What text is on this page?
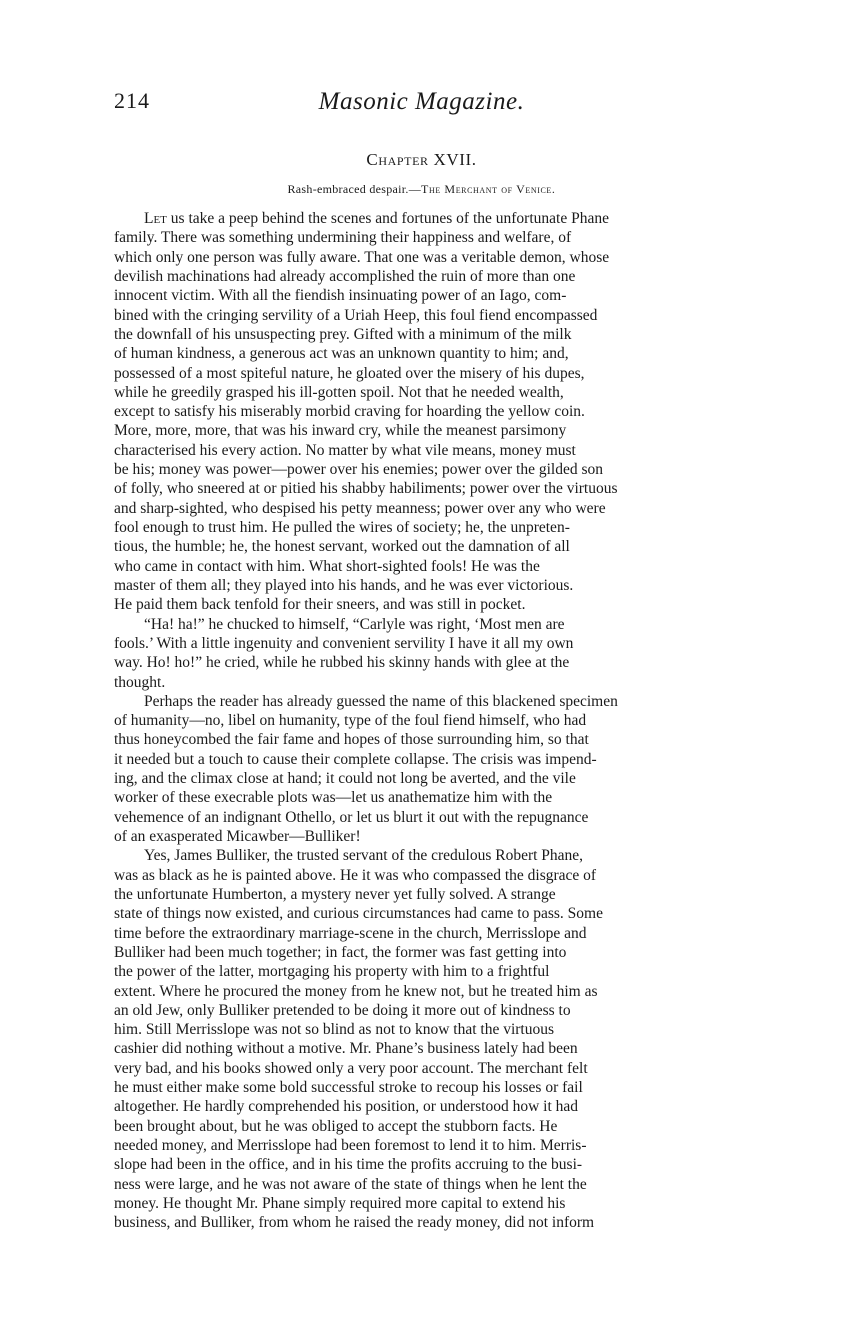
214	Masonic Magazine.
Chapter XVII.
Rash-embraced despair.—The Merchant of Venice.
Let us take a peep behind the scenes and fortunes of the unfortunate Phane
family. There was something undermining their happiness and welfare, of
which only one person was fully aware. That one was a veritable demon, whose
devilish machinations had already accomplished the ruin of more than one
innocent victim. With all the fiendish insinuating power of an Iago, com-
bined with the cringing servility of a Uriah Heep, this foul fiend encompassed
the downfall of his unsuspecting prey. Gifted with a minimum of the milk
of human kindness, a generous act was an unknown quantity to him; and,
possessed of a most spiteful nature, he gloated over the misery of his dupes,
while he greedily grasped his ill-gotten spoil. Not that he needed wealth,
except to satisfy his miserably morbid craving for hoarding the yellow coin.
More, more, more, that was his inward cry, while the meanest parsimony
characterised his every action. No matter by what vile means, money must
be his; money was power—power over his enemies; power over the gilded son
of folly, who sneered at or pitied his shabby habiliments; power over the virtuous
and sharp-sighted, who despised his petty meanness; power over any who were
fool enough to trust him. He pulled the wires of society; he, the unpreten-
tious, the humble; he, the honest servant, worked out the damnation of all
who came in contact with him. What short-sighted fools! He was the
master of them all; they played into his hands, and he was ever victorious.
He paid them back tenfold for their sneers, and was still in pocket.
“Ha! ha!” he chucked to himself, “Carlyle was right, ‘Most men are
fools.’ With a little ingenuity and convenient servility I have it all my own
way. Ho! ho!” he cried, while he rubbed his skinny hands with glee at the
thought.
Perhaps the reader has already guessed the name of this blackened specimen
of humanity—no, libel on humanity, type of the foul fiend himself, who had
thus honeycombed the fair fame and hopes of those surrounding him, so that
it needed but a touch to cause their complete collapse. The crisis was impend-
ing, and the climax close at hand; it could not long be averted, and the vile
worker of these execrable plots was—let us anathematize him with the
vehemence of an indignant Othello, or let us blurt it out with the repugnance
of an exasperated Micawber—Bulliker!
Yes, James Bulliker, the trusted servant of the credulous Robert Phane,
was as black as he is painted above. He it was who compassed the disgrace of
the unfortunate Humberton, a mystery never yet fully solved. A strange
state of things now existed, and curious circumstances had came to pass. Some
time before the extraordinary marriage-scene in the church, Merrisslope and
Bulliker had been much together; in fact, the former was fast getting into
the power of the latter, mortgaging his property with him to a frightful
extent. Where he procured the money from he knew not, but he treated him as
an old Jew, only Bulliker pretended to be doing it more out of kindness to
him. Still Merrisslope was not so blind as not to know that the virtuous
cashier did nothing without a motive. Mr. Phane’s business lately had been
very bad, and his books showed only a very poor account. The merchant felt
he must either make some bold successful stroke to recoup his losses or fail
altogether. He hardly comprehended his position, or understood how it had
been brought about, but he was obliged to accept the stubborn facts. He
needed money, and Merrisslope had been foremost to lend it to him. Merris-
slope had been in the office, and in his time the profits accruing to the busi-
ness were large, and he was not aware of the state of things when he lent the
money. He thought Mr. Phane simply required more capital to extend his
business, and Bulliker, from whom he raised the ready money, did not inform
